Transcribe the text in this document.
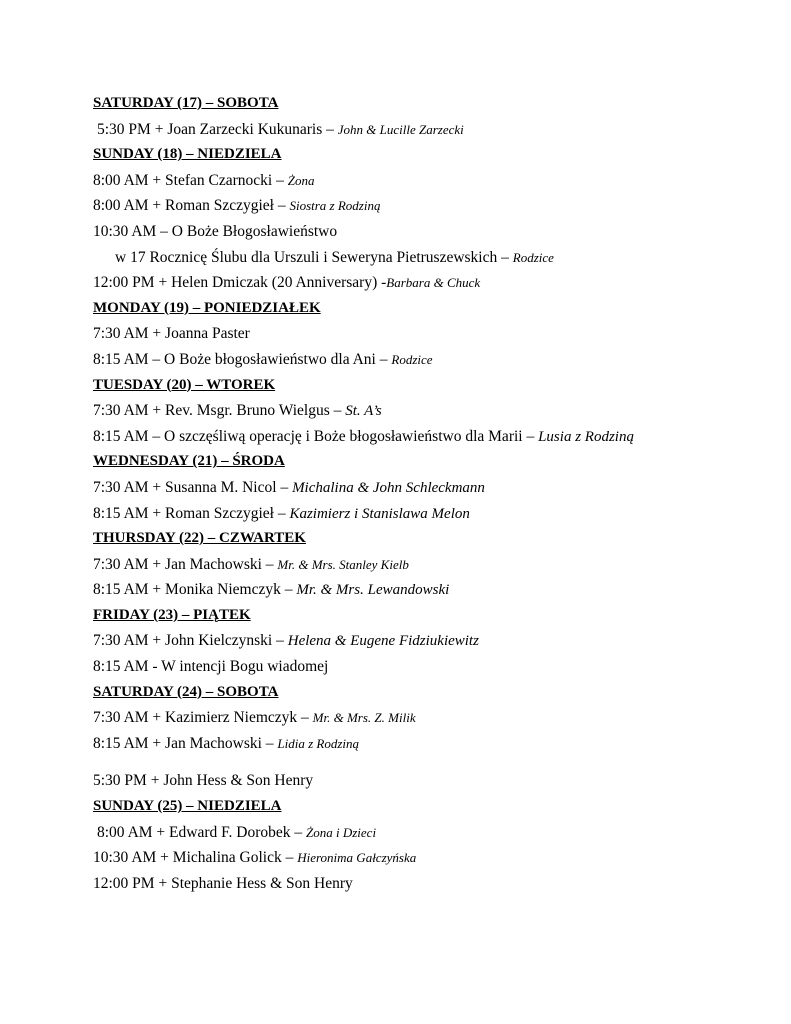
SATURDAY (17) – SOBOTA
5:30 PM + Joan Zarzecki Kukunaris – John & Lucille Zarzecki
SUNDAY (18) – NIEDZIELA
8:00 AM + Stefan Czarnocki – Żona
8:00 AM + Roman Szczygieł – Siostra z Rodziną
10:30 AM – O Boże Błogosławieństwo
w 17 Rocznicę Ślubu dla Urszuli i Seweryna Pietruszewskich – Rodzice
12:00 PM + Helen Dmiczak (20 Anniversary) -Barbara & Chuck
MONDAY (19) – PONIEDZIAŁEK
7:30 AM + Joanna Paster
8:15 AM – O Boże błogosławieństwo dla Ani – Rodzice
TUESDAY (20) – WTOREK
7:30 AM + Rev. Msgr. Bruno Wielgus – St. A’s
8:15 AM – O szczęśliwą operację i Boże błogosławieństwo dla Marii – Lusia z Rodziną
WEDNESDAY (21) – ŚRODA
7:30 AM + Susanna M. Nicol – Michalina & John Schleckmann
8:15 AM + Roman Szczygieł – Kazimierz i Stanislawa Melon
THURSDAY (22) – CZWARTEK
7:30 AM + Jan Machowski – Mr. & Mrs. Stanley Kielb
8:15 AM + Monika Niemczyk – Mr. & Mrs. Lewandowski
FRIDAY (23) – PIĄTEK
7:30 AM + John Kielczynski – Helena & Eugene Fidziukiewitz
8:15 AM - W intencji Bogu wiadomej
SATURDAY (24) – SOBOTA
7:30 AM + Kazimierz Niemczyk – Mr. & Mrs. Z. Milik
8:15 AM + Jan Machowski – Lidia z Rodziną
5:30 PM + John Hess & Son Henry
SUNDAY (25) – NIEDZIELA
8:00 AM + Edward F. Dorobek – Żona i Dzieci
10:30 AM + Michalina Golick – Hieronima Gałczyńska
12:00 PM + Stephanie Hess & Son Henry
